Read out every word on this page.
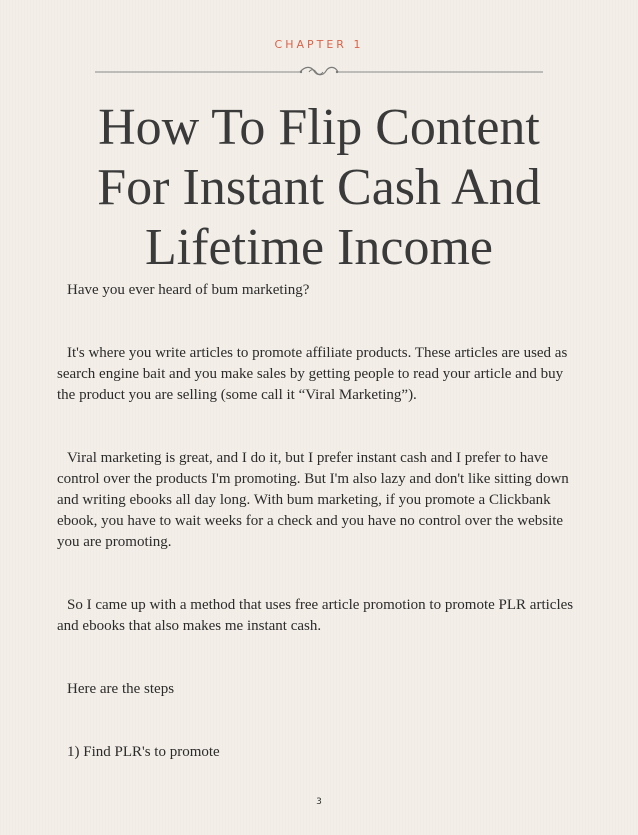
CHAPTER 1
How To Flip Content
For Instant Cash And
Lifetime Income

Have you ever heard of bum marketing?

It's where you write articles to promote affiliate products. These articles are used as search engine bait and you make sales by getting people to read your article and buy the product you are selling (some call it “Viral Marketing”).

Viral marketing is great, and I do it, but I prefer instant cash and I prefer to have control over the products I'm promoting. But I'm also lazy and don't like sitting down and writing ebooks all day long. With bum marketing, if you promote a Clickbank ebook, you have to wait weeks for a check and you have no control over the website you are promoting.

So I came up with a method that uses free article promotion to promote PLR articles and ebooks that also makes me instant cash.

Here are the steps

1) Find PLR's to promote

3
